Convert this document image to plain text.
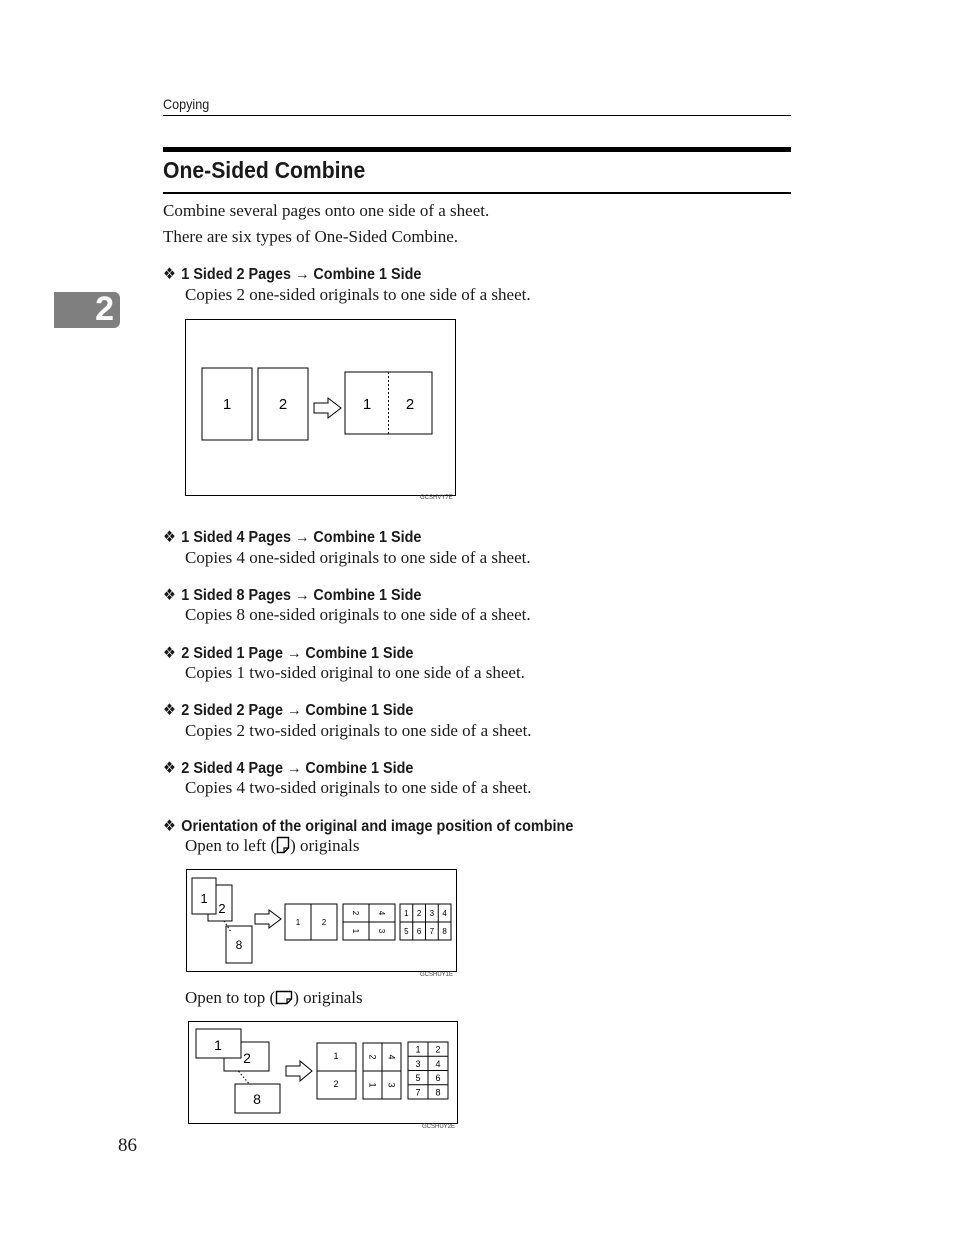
Copying
2
One-Sided Combine
Combine several pages onto one side of a sheet.
There are six types of One-Sided Combine.
❖ 1 Sided 2 Pages → Combine 1 Side
Copies 2 one-sided originals to one side of a sheet.
1	2	1 2
GCSHVY7E
❖ 1 Sided 4 Pages → Combine 1 Side
Copies 4 one-sided originals to one side of a sheet.
❖ 1 Sided 8 Pages → Combine 1 Side
Copies 8 one-sided originals to one side of a sheet.
❖ 2 Sided 1 Page → Combine 1 Side
Copies 1 two-sided original to one side of a sheet.
❖ 2 Sided 2 Page → Combine 1 Side
Copies 2 two-sided originals to one side of a sheet.
❖ 2 Sided 4 Page → Combine 1 Side
Copies 4 two-sided originals to one side of a sheet.
❖ Orientation of the original and image position of combine
Open to left ( ) originals
8
2
1
1	2
2 4
1 3
1 2 3 4
5 6 7 8
GCSHUY1E
Open to top ( ) originals
8
2
1
1
2
2 4
1 3
1 2
3 4
5 6
7 8
GCSHUY2E
86
